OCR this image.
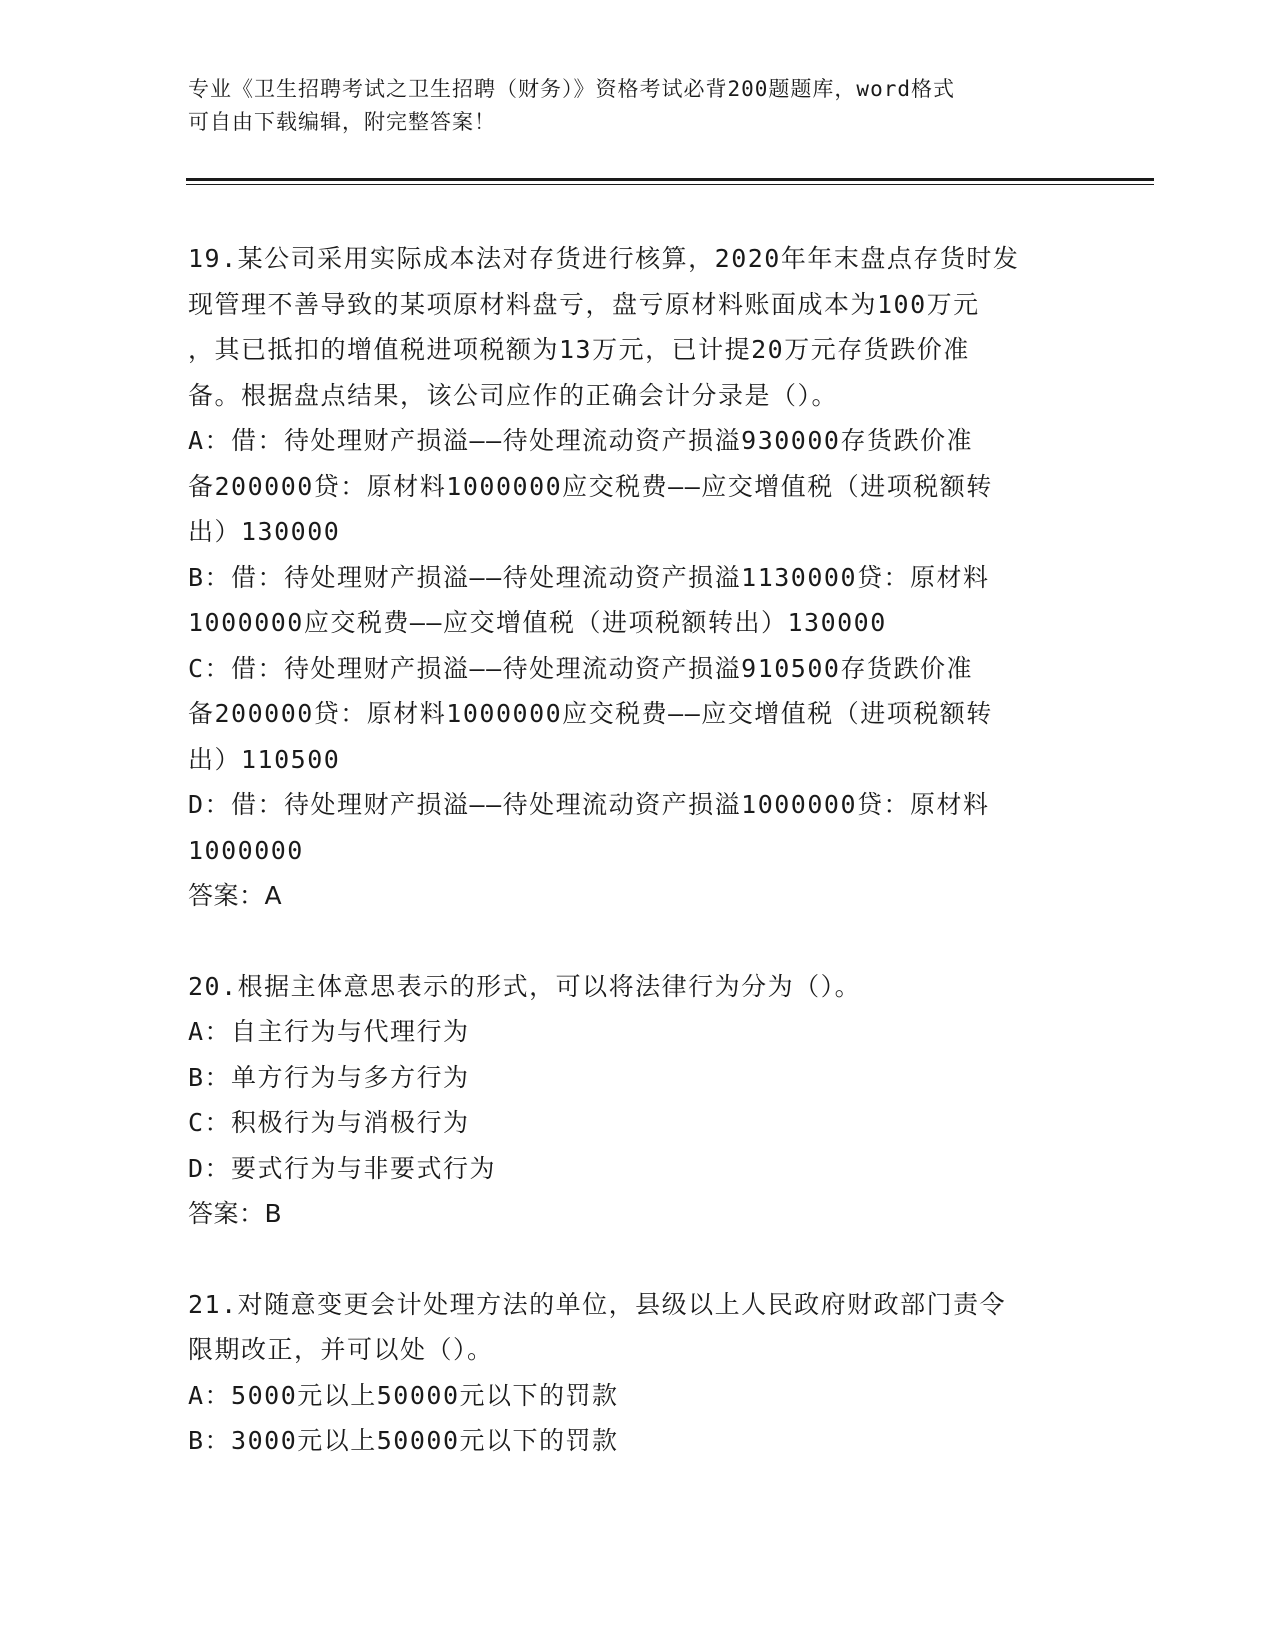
专业《卫生招聘考试之卫生招聘（财务）》资格考试必背200题题库，word格式
可自由下载编辑，附完整答案！

19.某公司采用实际成本法对存货进行核算，2020年年末盘点存货时发

现管理不善导致的某项原材料盘亏，盘亏原材料账面成本为100万元

，其已抵扣的增值税进项税额为13万元，已计提20万元存货跌价准

备。根据盘点结果，该公司应作的正确会计分录是（）。

A：借：待处理财产损溢——待处理流动资产损溢930000存货跌价准

备200000贷：原材料1000000应交税费——应交增值税（进项税额转

出）130000

B：借：待处理财产损溢——待处理流动资产损溢1130000贷：原材料

1000000应交税费——应交增值税（进项税额转出）130000

C：借：待处理财产损溢——待处理流动资产损溢910500存货跌价准

备200000贷：原材料1000000应交税费——应交增值税（进项税额转

出）110500

D：借：待处理财产损溢——待处理流动资产损溢1000000贷：原材料

1000000

答案：A

20.根据主体意思表示的形式，可以将法律行为分为（）。

A：自主行为与代理行为

B：单方行为与多方行为

C：积极行为与消极行为

D：要式行为与非要式行为

答案：B

21.对随意变更会计处理方法的单位，县级以上人民政府财政部门责令

限期改正，并可以处（）。

A：5000元以上50000元以下的罚款

B：3000元以上50000元以下的罚款
